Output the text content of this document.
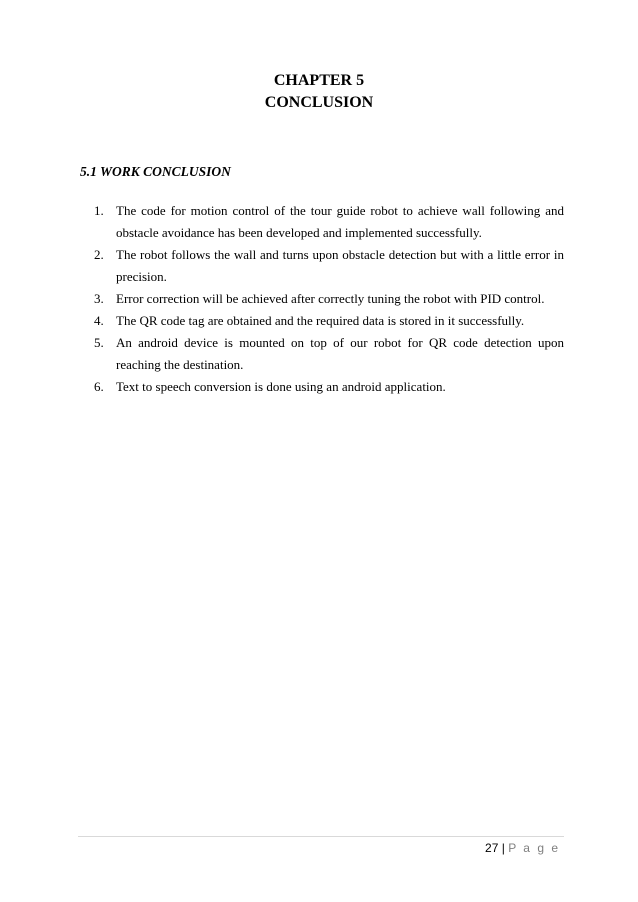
CHAPTER 5
CONCLUSION
5.1 WORK CONCLUSION
1. The code for motion control of the tour guide robot to achieve wall following and obstacle avoidance has been developed and implemented successfully.
2. The robot follows the wall and turns upon obstacle detection but with a little error in precision.
3. Error correction will be achieved after correctly tuning the robot with PID control.
4. The QR code tag are obtained and the required data is stored in it successfully.
5. An android device is mounted on top of our robot for QR code detection upon reaching the destination.
6. Text to speech conversion is done using an android application.
27 | P a g e
